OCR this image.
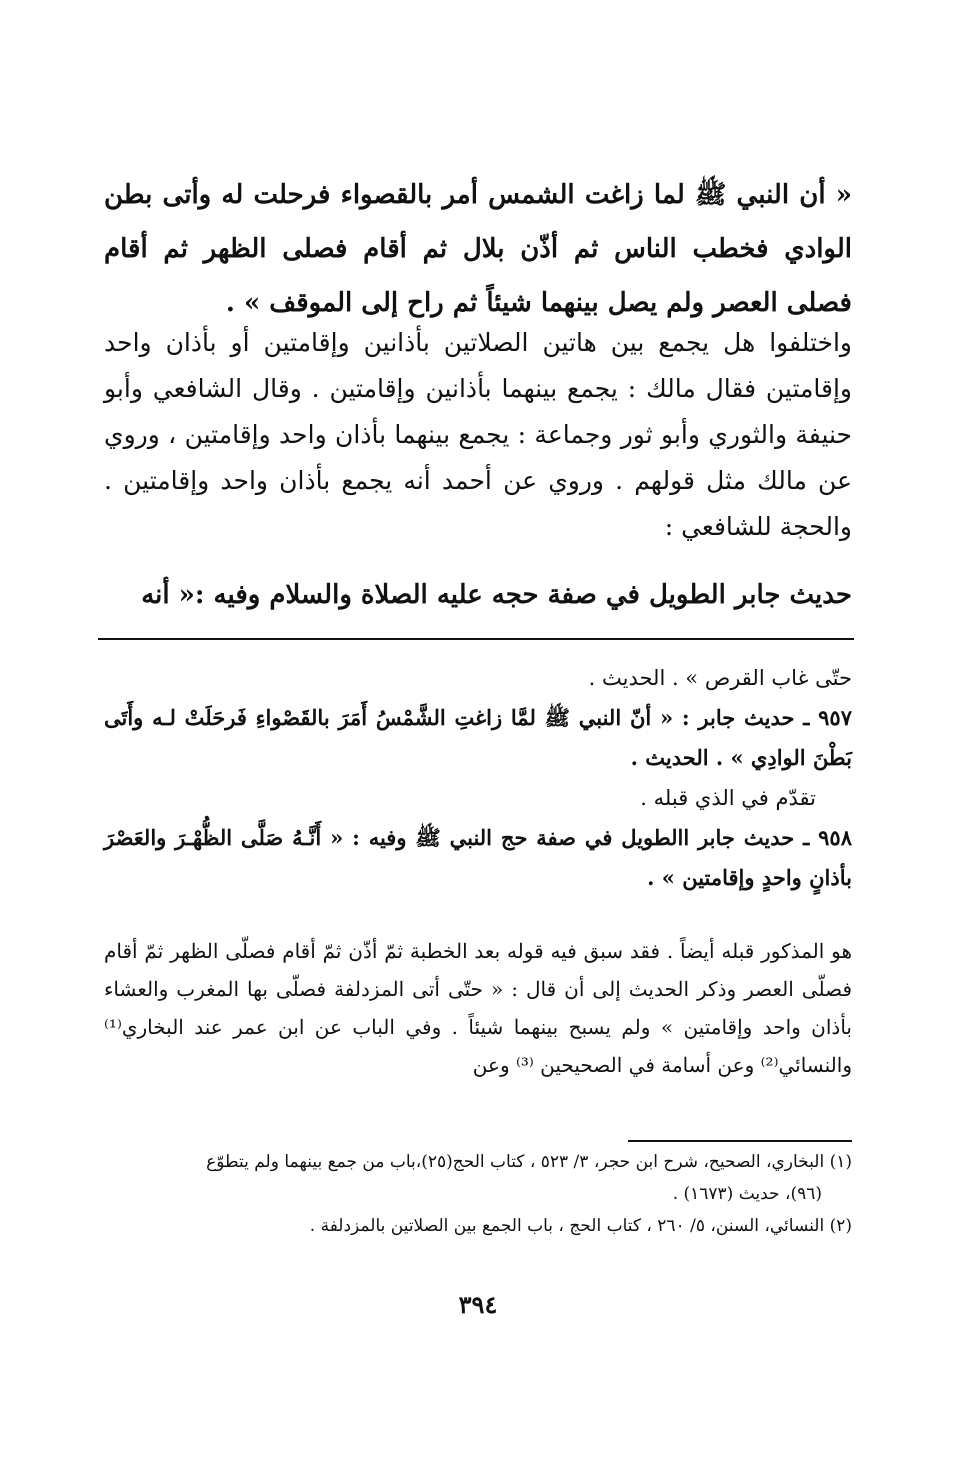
« أن النبي ﷺ لما زاغت الشمس أمر بالقصواء فرحلت له وأتى بطن الوادي فخطب الناس ثم أذّن بلال ثم أقام فصلى الظهر ثم أقام فصلى العصر ولم يصل بينهما شيئاً ثم راح إلى الموقف » .
واختلفوا هل يجمع بين هاتين الصلاتين بأذانين وإقامتين أو بأذان واحد وإقامتين فقال مالك : يجمع بينهما بأذانين وإقامتين . وقال الشافعي وأبو حنيفة والثوري وأبو ثور وجماعة : يجمع بينهما بأذان واحد وإقامتين ، وروي عن مالك مثل قولهم . وروي عن أحمد أنه يجمع بأذان واحد وإقامتين . والحجة للشافعي :
حديث جابر الطويل في صفة حجه عليه الصلاة والسلام وفيه :« أنه

حتّى غاب القرص » . الحديث .

٩٥٧ ـ حديث جابر : « أنّ النبي ﷺ لمَّا زاغتِ الشَّمْسُ أَمَرَ بالقَصْواءِ فَرحَلَتْ لـه وأَتَى بَطْنَ الوادِي » . الحديث .

تقدّم في الذي قبله .

٩٥٨ ـ حديث جابر االطويل في صفة حج النبي ﷺ وفيه : « أَنَّـهُ صَلَّى الظُّهْـرَ والعَصْرَ بأذانٍ واحدٍ وإقامتين » .

هو المذكور قبله أيضاً . فقد سبق فيه قوله بعد الخطبة ثمّ أذّن ثمّ أقام فصلّى الظهر ثمّ أقام فصلّى العصر وذكر الحديث إلى أن قال : « حتّى أتى المزدلفة فصلّى بها المغرب والعشاء بأذان واحد وإقامتين » ولم يسبح بينهما شيئاً . وفي الباب عن ابن عمر عند البخاري⁽¹⁾ والنسائي⁽²⁾ وعن أسامة في الصحيحين ⁽³⁾ وعن

(١) البخاري، الصحيح، شرح ابن حجر، ٣/ ٥٢٣ ، كتاب الحج(٢٥)،باب من جمع بينهما ولم يتطوّع

(٩٦)، حديث (١٦٧٣) .

(٢) النسائي، السنن، ٥/ ٢٦٠ ، كتاب الحج ، باب الجمع بين الصلاتين بالمزدلفة .

٣٩٤
